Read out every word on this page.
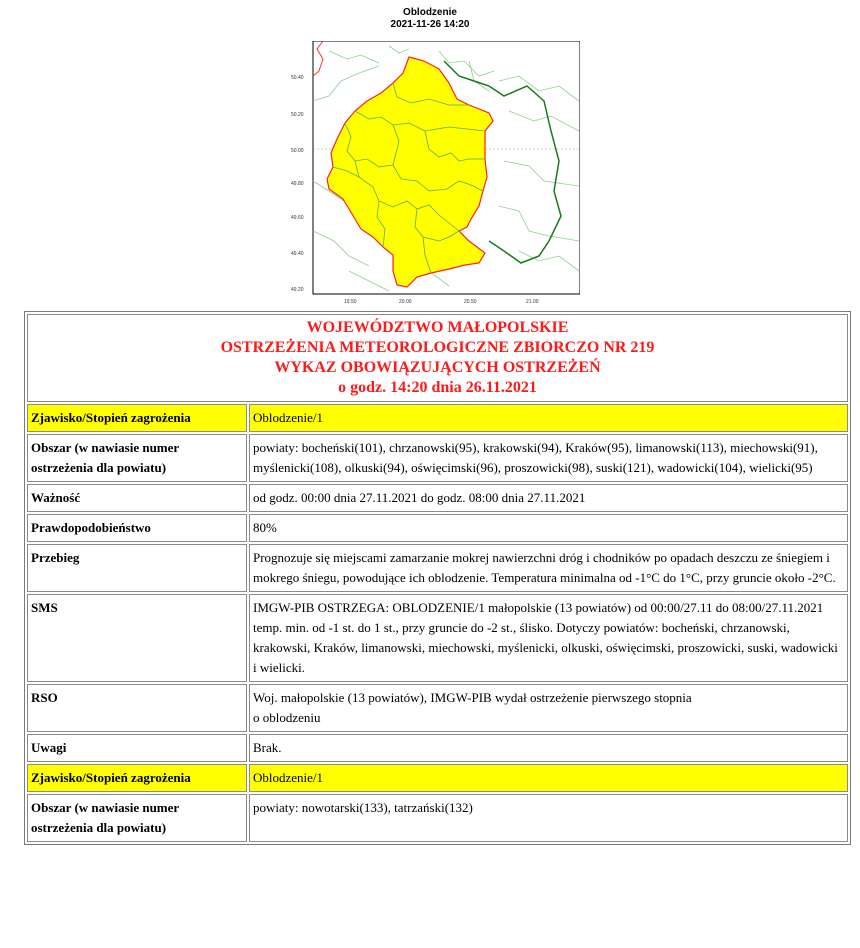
Oblodzenie
2021-11-26 14:20
50.40
50.20
50.00
49.80
49.60
49.40
49.20
19.50	20.00	20.50	21.00
WOJEWÓDZTWO MAŁOPOLSKIE
OSTRZEŻENIA METEOROLOGICZNE ZBIORCZO NR 219
WYKAZ OBOWIĄZUJĄCYCH OSTRZEŻEŃ
o godz. 14:20 dnia 26.11.2021	

Zjawisko/Stopień zagrożenia	Oblodzenie/1
Obszar (w nawiasie numer ostrzeżenia dla powiatu)	powiaty: bocheński(101), chrzanowski(95), krakowski(94), Kraków(95), limanowski(113), miechowski(91), myślenicki(108), olkuski(94), oświęcimski(96), proszowicki(98), suski(121), wadowicki(104), wielicki(95)
Ważność	od godz. 00:00 dnia 27.11.2021 do godz. 08:00 dnia 27.11.2021
Prawdopodobieństwo	80%
Przebieg	Prognozuje się miejscami zamarzanie mokrej nawierzchni dróg i chodników po opadach deszczu ze śniegiem i mokrego śniegu, powodujące ich oblodzenie. Temperatura minimalna od -1°C do 1°C, przy gruncie około -2°C.
SMS	IMGW-PIB OSTRZEGA: OBLODZENIE/1 małopolskie (13 powiatów) od 00:00/27.11 do 08:00/27.11.2021 temp. min. od -1 st. do 1 st., przy gruncie do -2 st., ślisko. Dotyczy powiatów: bocheński, chrzanowski, krakowski, Kraków, limanowski, miechowski, myślenicki, olkuski, oświęcimski, proszowicki, suski, wadowicki i wielicki.
RSO	Woj. małopolskie (13 powiatów), IMGW-PIB wydał ostrzeżenie pierwszego stopnia
o oblodzeniu

Uwagi	Brak.
Zjawisko/Stopień zagrożenia	Oblodzenie/1
Obszar (w nawiasie numer ostrzeżenia dla powiatu)	powiaty: nowotarski(133), tatrzański(132)
